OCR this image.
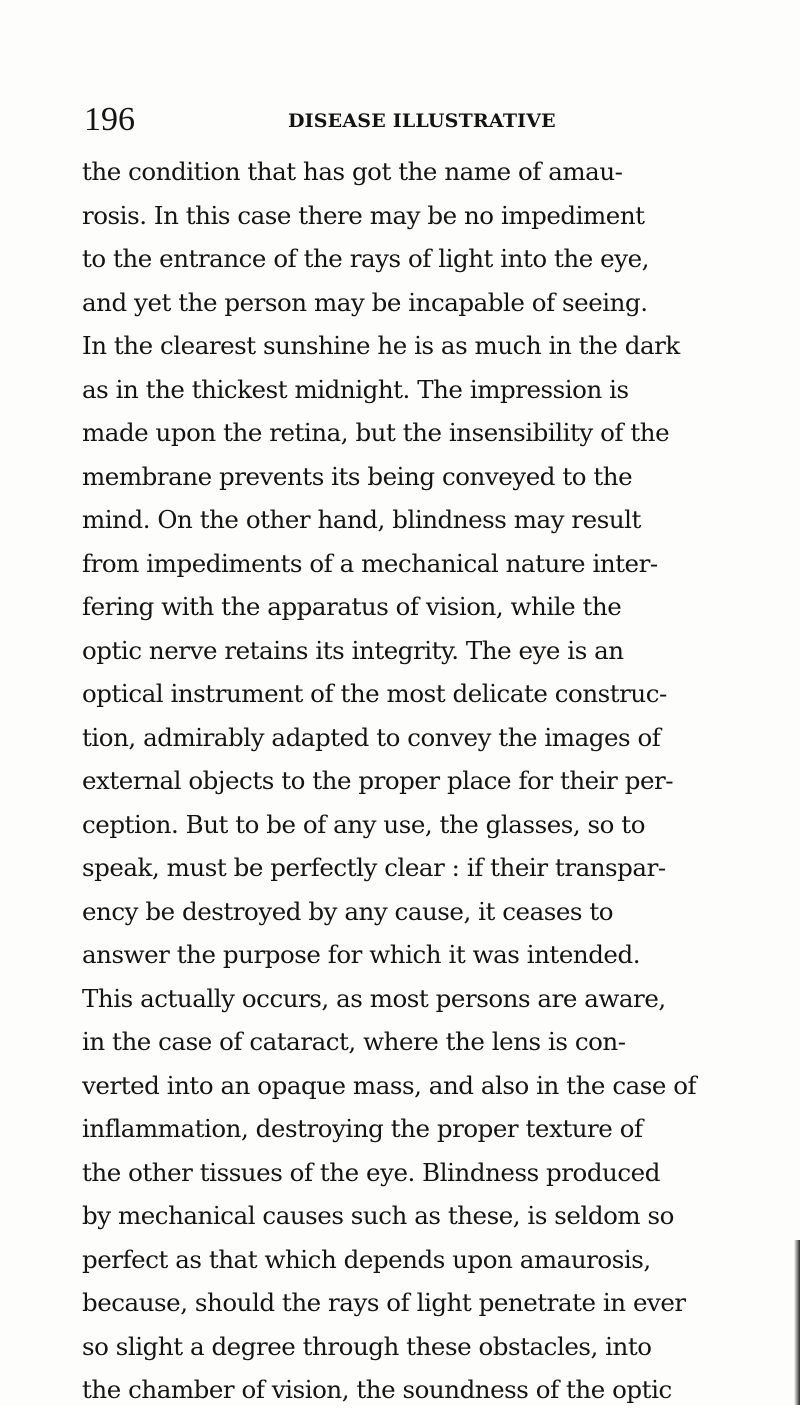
196	DISEASE ILLUSTRATIVE
the condition that has got the name of amau-
rosis. In this case there may be no impediment
to the entrance of the rays of light into the eye,
and yet the person may be incapable of seeing.
In the clearest sunshine he is as much in the dark
as in the thickest midnight. The impression is
made upon the retina, but the insensibility of the
membrane prevents its being conveyed to the
mind. On the other hand, blindness may result
from impediments of a mechanical nature inter-
fering with the apparatus of vision, while the
optic nerve retains its integrity. The eye is an
optical instrument of the most delicate construc-
tion, admirably adapted to convey the images of
external objects to the proper place for their per-
ception. But to be of any use, the glasses, so to
speak, must be perfectly clear : if their transpar-
ency be destroyed by any cause, it ceases to
answer the purpose for which it was intended.
This actually occurs, as most persons are aware,
in the case of cataract, where the lens is con-
verted into an opaque mass, and also in the case of
inflammation, destroying the proper texture of
the other tissues of the eye. Blindness produced
by mechanical causes such as these, is seldom so
perfect as that which depends upon amaurosis,
because, should the rays of light penetrate in ever
so slight a degree through these obstacles, into
the chamber of vision, the soundness of the optic
